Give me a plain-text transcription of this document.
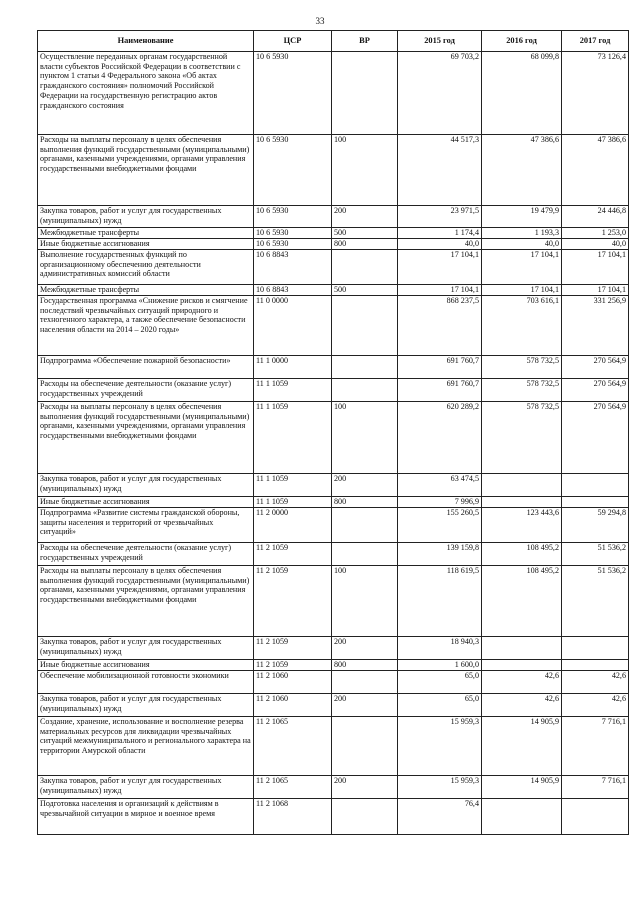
33
Наименование	ЦСР	ВР	2015 год	2016 год	2017 год
Осуществление переданных органам государственной власти субъектов Российской Федерации в соответствии с пунктом 1 статьи 4 Федерального закона «Об актах гражданского состояния» полномочий Российской Федерации на государственную регистрацию актов гражданского состояния	10 6 5930		69 703,2	68 099,8	73 126,4
Расходы на выплаты персоналу в целях обеспечения выполнения функций государственными (муниципальными) органами, казенными учреждениями, органами управления государственными внебюджетными фондами	10 6 5930	100	44 517,3	47 386,6	47 386,6
Закупка товаров, работ и услуг для государственных (муниципальных) нужд	10 6 5930	200	23 971,5	19 479,9	24 446,8
Межбюджетные трансферты	10 6 5930	500	1 174,4	1 193,3	1 253,0
Иные бюджетные ассигнования	10 6 5930	800	40,0	40,0	40,0
Выполнение государственных функций по организационному обеспечению деятельности административных комиссий области	10 6 8843		17 104,1	17 104,1	17 104,1
Межбюджетные трансферты	10 6 8843	500	17 104,1	17 104,1	17 104,1
Государственная программа «Снижение рисков и смягчение последствий чрезвычайных ситуаций природного и техногенного характера, а также обеспечение безопасности населения области на 2014 – 2020 годы»	11 0 0000		868 237,5	703 616,1	331 256,9
Подпрограмма «Обеспечение пожарной безопасности»	11 1 0000		691 760,7	578 732,5	270 564,9
Расходы на обеспечение деятельности (оказание услуг) государственных учреждений	11 1 1059		691 760,7	578 732,5	270 564,9
Расходы на выплаты персоналу в целях обеспечения выполнения функций государственными (муниципальными) органами, казенными учреждениями, органами управления государственными внебюджетными фондами	11 1 1059	100	620 289,2	578 732,5	270 564,9
Закупка товаров, работ и услуг для государственных (муниципальных) нужд	11 1 1059	200	63 474,5		
Иные бюджетные ассигнования	11 1 1059	800	7 996,9		
Подпрограмма «Развитие системы гражданской обороны, защиты населения и территорий от чрезвычайных ситуаций»	11 2 0000		155 260,5	123 443,6	59 294,8
Расходы на обеспечение деятельности (оказание услуг) государственных учреждений	11 2 1059		139 159,8	108 495,2	51 536,2
Расходы на выплаты персоналу в целях обеспечения выполнения функций государственными (муниципальными) органами, казенными учреждениями, органами управления государственными внебюджетными фондами	11 2 1059	100	118 619,5	108 495,2	51 536,2
Закупка товаров, работ и услуг для государственных (муниципальных) нужд	11 2 1059	200	18 940,3		
Иные бюджетные ассигнования	11 2 1059	800	1 600,0		
Обеспечение мобилизационной готовности экономики	11 2 1060		65,0	42,6	42,6
Закупка товаров, работ и услуг для государственных (муниципальных) нужд	11 2 1060	200	65,0	42,6	42,6
Создание, хранение, использование и восполнение резерва материальных ресурсов для ликвидации чрезвычайных ситуаций межмуниципального и регионального характера на территории Амурской области	11 2 1065		15 959,3	14 905,9	7 716,1
Закупка товаров, работ и услуг для государственных (муниципальных) нужд	11 2 1065	200	15 959,3	14 905,9	7 716,1
Подготовка населения и организаций к действиям в чрезвычайной ситуации в мирное и военное время	11 2 1068		76,4		
